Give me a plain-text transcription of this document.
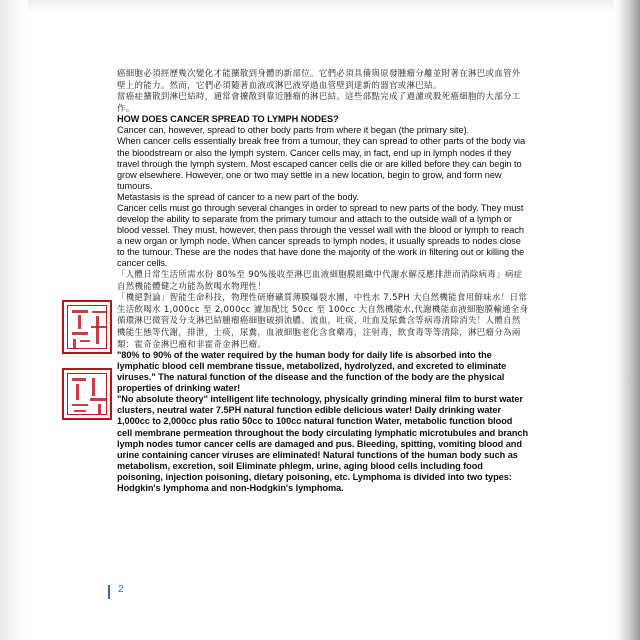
癌細胞必須經歷幾次變化才能擴散到身體的新部位。它們必須具備與原發腫瘤分離並附著在淋巴或血管外壁上的能力。然而，它們必須隨著血液或淋巴液穿過血管壁到達新的器官或淋巴結。

當癌症擴散到淋巴結時，通常會擴散到靠近腫瘤的淋巴結。這些部點完成了過濾或殺死癌細胞的大部分工作。

HOW DOES CANCER SPREAD TO LYMPH NODES?

Cancer can, however, spread to other body parts from where it began (the primary site).

When cancer cells essentially break free from a tumour, they can spread to other parts of the body via the bloodstream or also the lymph system. Cancer cells may, in fact, end up in lymph nodes if they travel through the lymph system. Most escaped cancer cells die or are killed before they can begin to grow elsewhere. However, one or two may settle in a new location, begin to grow, and form new tumours.

Metastasis is the spread of cancer to a new part of the body.

Cancer cells must go through several changes in order to spread to new parts of the body. They must develop the ability to separate from the primary tumour and attach to the outside wall of a lymph or blood vessel. They must, however, then pass through the vessel wall with the blood or lymph to reach a new organ or lymph node. When cancer spreads to lymph nodes, it usually spreads to nodes close to the tumour. These are the nodes that have done the majority of the work in filtering out or killing the cancer cells.

「人體日常生活所需水份 80%至 90%後收至淋巴血液細胞膜組織中代謝水解反應排泄而消除病毒」病症自然機能體健之功能為飲喝水物理性！

「機絕對論」智能生命科技，物理性研磨礦質薄膜爆裂水團，中性水 7.5PH 大自然機能食用鮮味水！日常生活飲喝水 1,000cc 至 2,000cc 濾加配比 50cc 至 100cc 大自然機能水,代謝機能血液細胞膜輸通全身循環淋巴微管及分支淋巴結腫瘤癌細胞破損流膿、流血，吐痰，吐血及尿糞含等病毒清除消失！人體自然機能生態等代謝，排泄，土痰，尿糞，血液細胞老化含食藥毒，注射毒，飲食毒等等清除，淋巴瘤分為兩類：霍奇金淋巴瘤和非霍奇金淋巴瘤。

"80% to 90% of the water required by the human body for daily life is absorbed into the lymphatic blood cell membrane tissue, metabolized, hydrolyzed, and excreted to eliminate viruses." The natural function of the disease and the function of the body are the physical properties of drinking water!

"No absolute theory" intelligent life technology, physically grinding mineral film to burst water clusters, neutral water 7.5PH natural function edible delicious water! Daily drinking water 1,000cc to 2,000cc plus ratio 50cc to 100cc natural function Water, metabolic function blood cell membrane permeation throughout the body circulating lymphatic microtubules and branch lymph nodes tumor cancer cells are damaged and pus. Bleeding, spitting, vomiting blood and urine containing cancer viruses are eliminated! Natural functions of the human body such as metabolism, excretion, soil Eliminate phlegm, urine, aging blood cells including food poisoning, injection poisoning, dietary poisoning, etc. Lymphoma is divided into two types: Hodgkin's lymphoma and non-Hodgkin's lymphoma.

2
